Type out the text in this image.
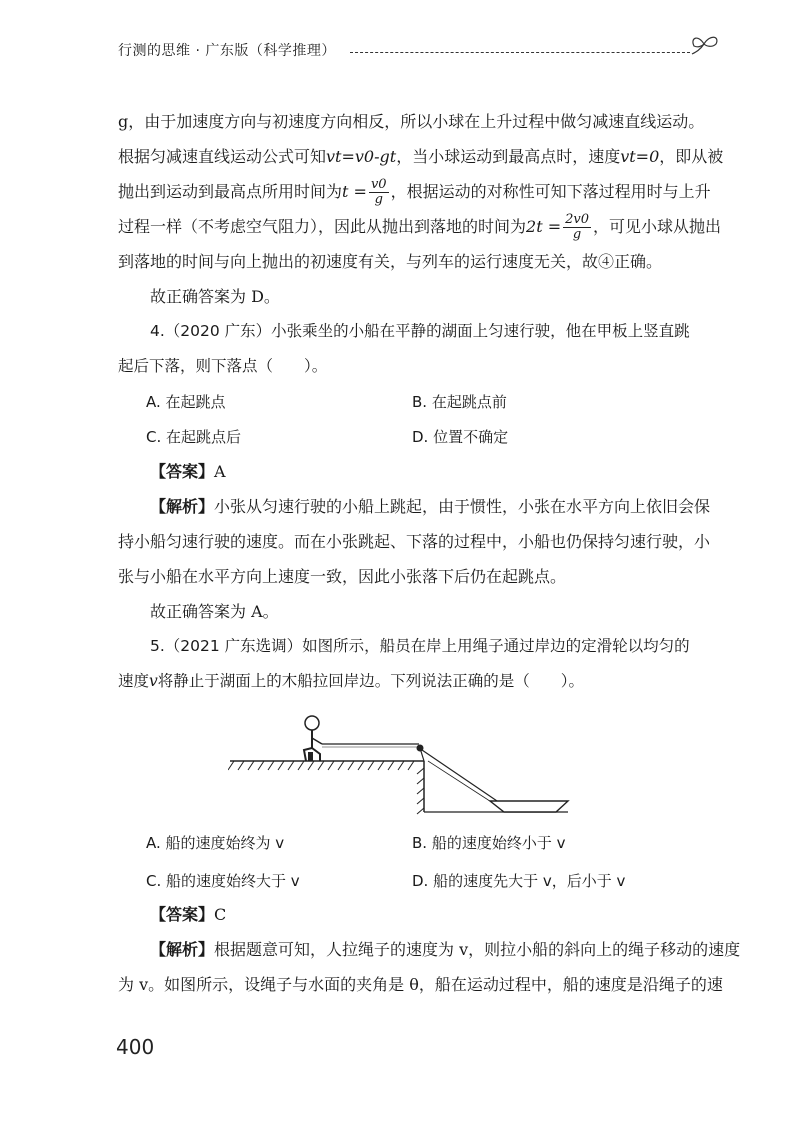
行测的思维 · 广东版（科学推理）
g，由于加速度方向与初速度方向相反，所以小球在上升过程中做匀减速直线运动。
根据匀减速直线运动公式可知vt=v0-gt，当小球运动到最高点时，速度vt=0，即从被
抛出到运动到最高点所用时间为$t = \frac{v0}{g}$ ，根据运动的对称性可知下落过程用时与上升
过程一样（不考虑空气阻力），因此从抛出到落地的时间为$2t = \frac{2v0}{g}$ ，可见小球从抛出
到落地的时间与向上抛出的初速度有关，与列车的运行速度无关，故④正确。
故正确答案为 D。
4.（2020 广东）小张乘坐的小船在平静的湖面上匀速行驶，他在甲板上竖直跳
起后下落，则下落点（　　）。
A. 在起跳点	B. 在起跳点前
C. 在起跳点后	D. 位置不确定
【答案】A
【解析】小张从匀速行驶的小船上跳起，由于惯性，小张在水平方向上依旧会保
持小船匀速行驶的速度。而在小张跳起、下落的过程中，小船也仍保持匀速行驶，小
张与小船在水平方向上速度一致，因此小张落下后仍在起跳点。
故正确答案为 A。
5.（2021 广东选调）如图所示，船员在岸上用绳子通过岸边的定滑轮以均匀的
速度v将静止于湖面上的木船拉回岸边。下列说法正确的是（　　）。
A. 船的速度始终为 v	B. 船的速度始终小于 v
C. 船的速度始终大于 v	D. 船的速度先大于 v，后小于 v
【答案】C
【解析】根据题意可知，人拉绳子的速度为 v，则拉小船的斜向上的绳子移动的速度
为 v。如图所示，设绳子与水面的夹角是 θ，船在运动过程中，船的速度是沿绳子的速
400
